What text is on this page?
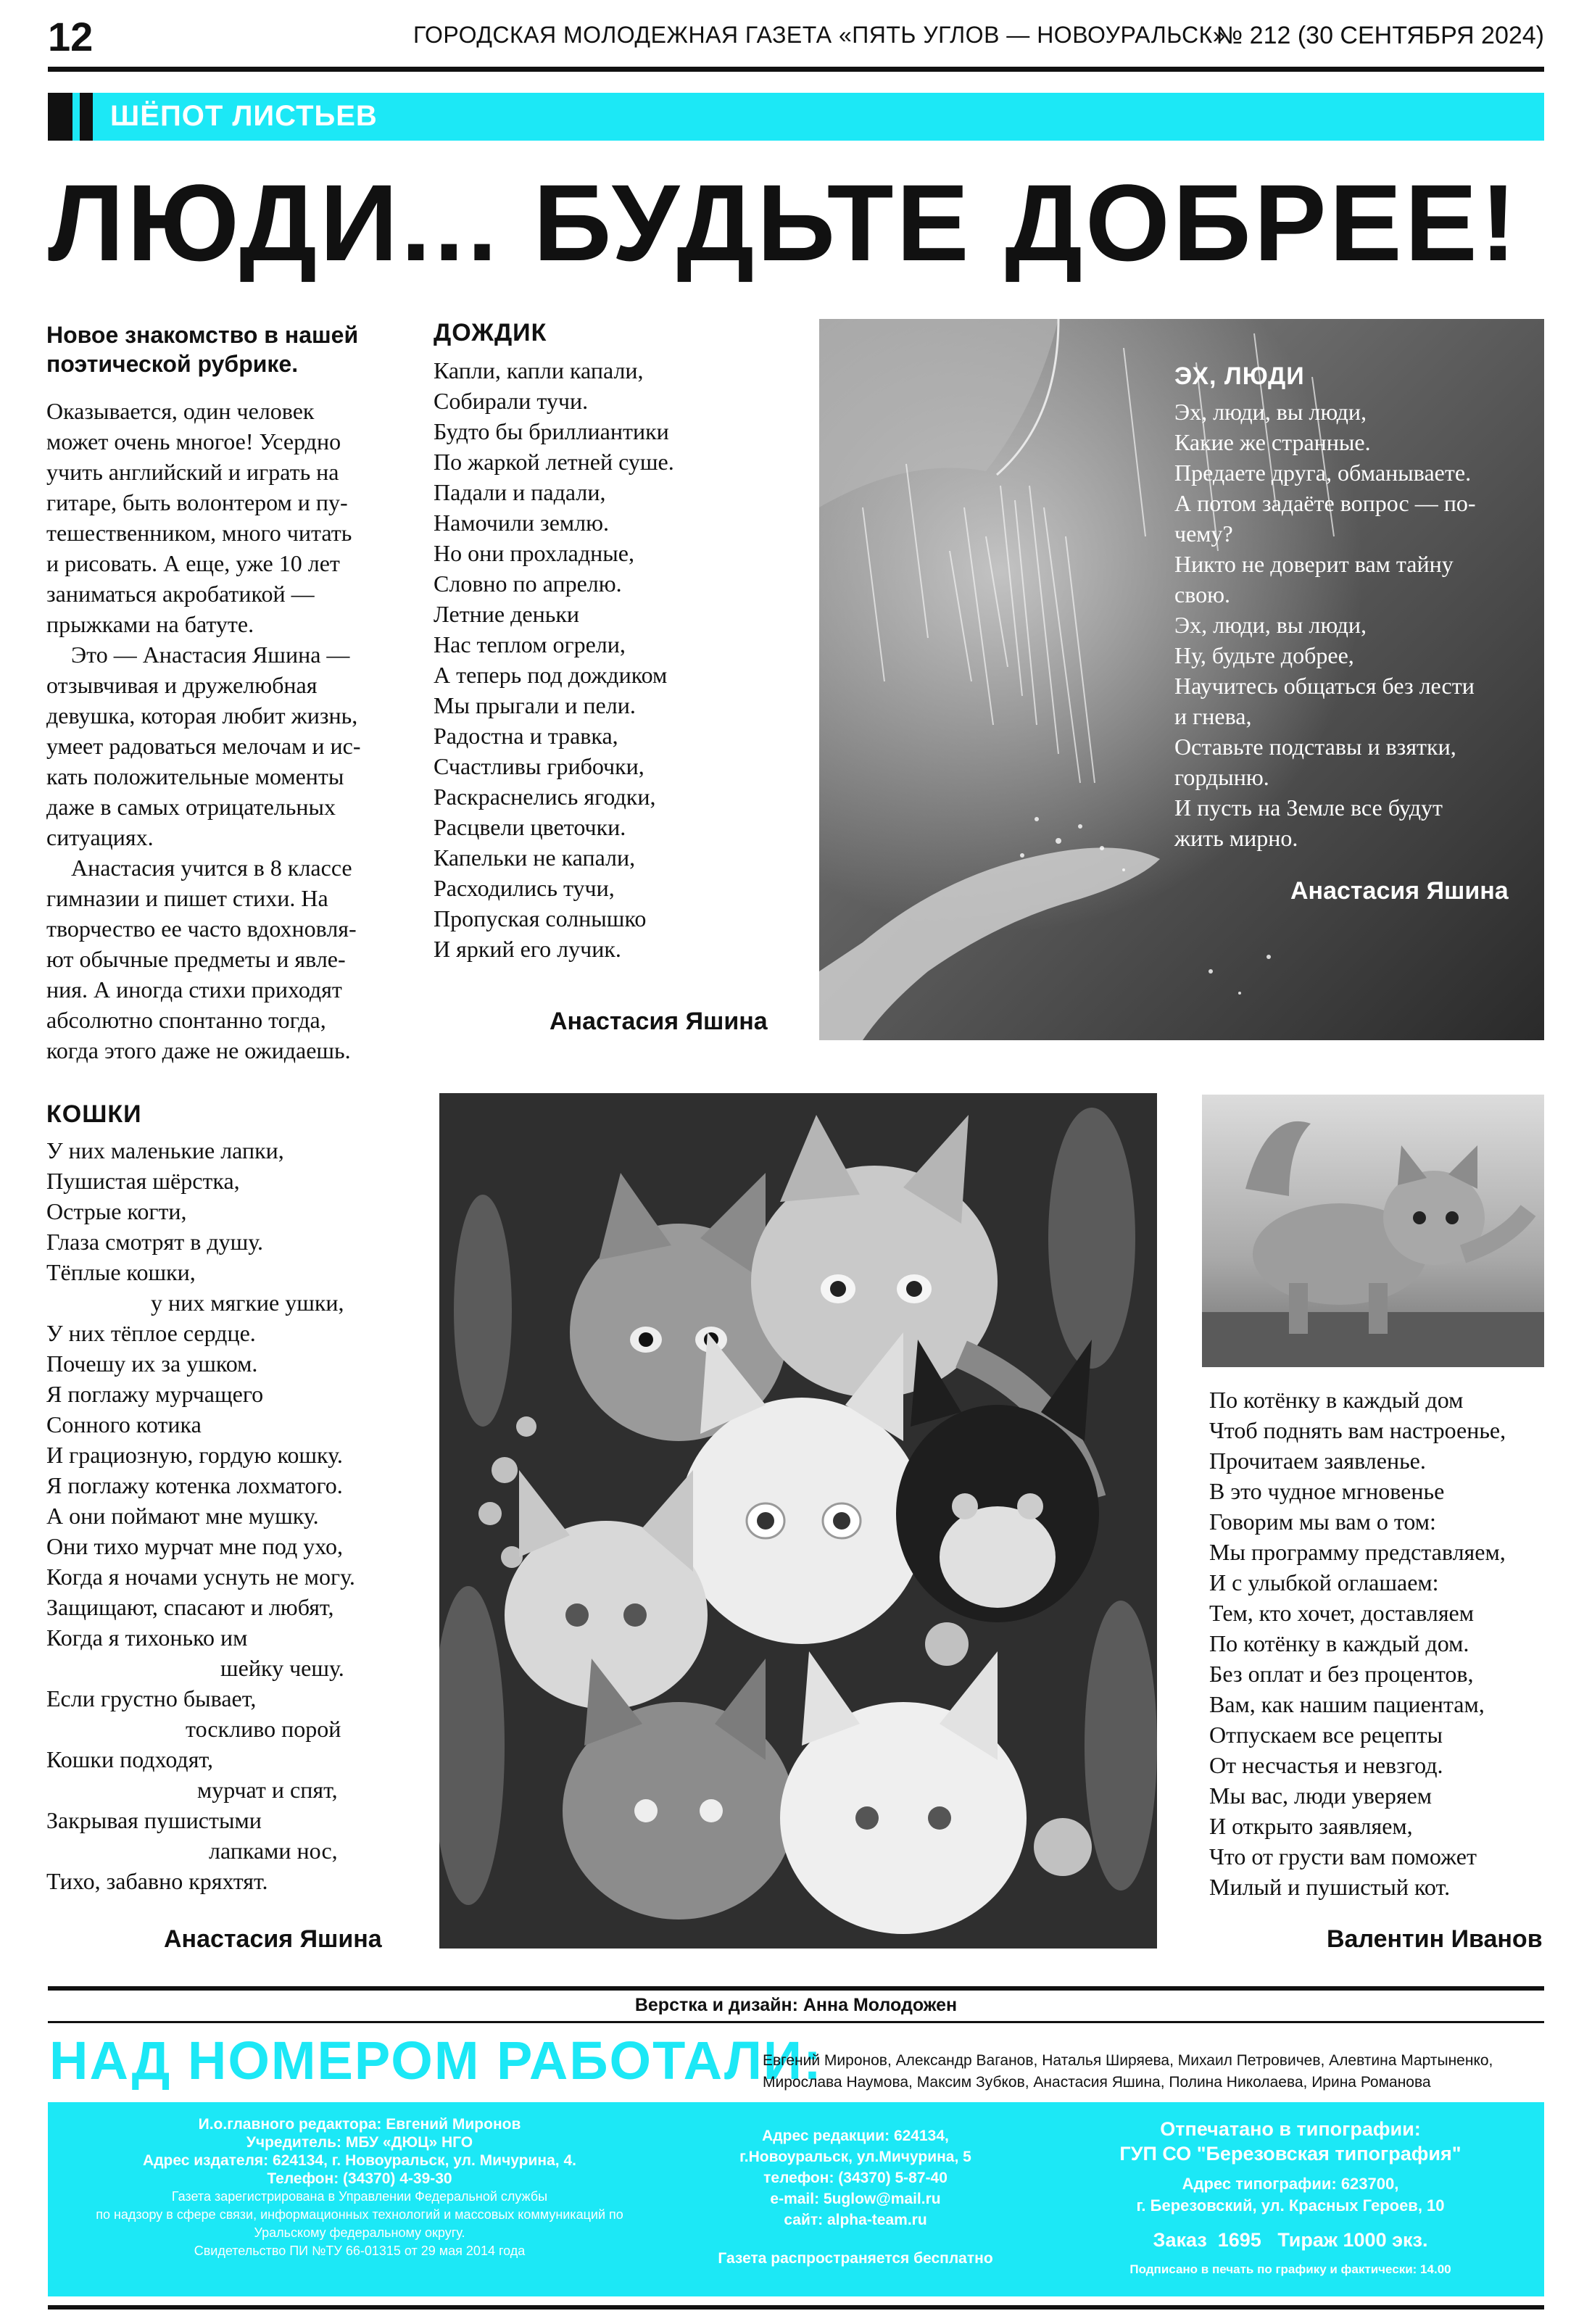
12	ГОРОДСКАЯ МОЛОДЕЖНАЯ ГАЗЕТА «ПЯТЬ УГЛОВ — НОВОУРАЛЬСК»
№ 212 (30 СЕНТЯБРЯ 2024)
ШЁПОТ ЛИСТЬЕВ
ЛЮДИ... БУДЬТЕ ДОБРЕЕ!
Новое знакомство в нашей
поэтической рубрике.
Оказывается, один человек
может очень многое! Усердно
учить английский и играть на
гитаре, быть волонтером и пу-
тешественником, много читать
и рисовать. А еще, уже 10 лет
заниматься акробатикой —
прыжками на батуте.
Это — Анастасия Яшина —
отзывчивая и дружелюбная
девушка, которая любит жизнь,
умеет радоваться мелочам и ис-
кать положительные моменты
даже в самых отрицательных
ситуациях.
Анастасия учится в 8 классе
гимназии и пишет стихи. На
творчество ее часто вдохновля-
ют обычные предметы и явле-
ния. А иногда стихи приходят
абсолютно спонтанно тогда,
когда этого даже не ожидаешь.
ДОЖДИК
Капли, капли капали,
Собирали тучи.
Будто бы бриллиантики
По жаркой летней суше.
Падали и падали,
Намочили землю.
Но они прохладные,
Словно по апрелю.
Летние деньки
Нас теплом огрели,
А теперь под дождиком
Мы прыгали и пели.
Радостна и травка,
Счастливы грибочки,
Раскраснелись ягодки,
Расцвели цветочки.
Капельки не капали,
Расходились тучи,
Пропуская солнышко
И яркий его лучик.
Анастасия Яшина
ЭХ, ЛЮДИ
Эх, люди, вы люди,
Какие же странные.
Предаете друга, обманываете.
А потом задаёте вопрос — по-
чему?
Никто не доверит вам тайну
свою.
Эх, люди, вы люди,
Ну, будьте добрее,
Научитесь общаться без лести
и гнева,
Оставьте подставы и взятки,
гордыню.
И пусть на Земле все будут
жить мирно.
Анастасия Яшина
КОШКИ
У них маленькие лапки,
Пушистая шёрстка,
Острые когти,
Глаза смотрят в душу.
Тёплые кошки,
у них мягкие ушки,
У них тёплое сердце.
Почешу их за ушком.
Я поглажу мурчащего
Сонного котика
И грациозную, гордую кошку.
Я поглажу котенка лохматого.
А они поймают мне мушку.
Они тихо мурчат мне под ухо,
Когда я ночами уснуть не могу.
Защищают, спасают и любят,
Когда я тихонько им
шейку чешу.
Если грустно бывает,
тоскливо порой
Кошки подходят,
мурчат и спят,
Закрывая пушистыми
лапками нос,
Тихо, забавно кряхтят.
Анастасия Яшина
По котёнку в каждый дом
Чтоб поднять вам настроенье,
Прочитаем заявленье.
В это чудное мгновенье
Говорим мы вам о том:
Мы программу представляем,
И с улыбкой оглашаем:
Тем, кто хочет, доставляем
По котёнку в каждый дом.
Без оплат и без процентов,
Вам, как нашим пациентам,
Отпускаем все рецепты
От несчастья и невзгод.
Мы вас, люди уверяем
И открыто заявляем,
Что от грусти вам поможет
Милый и пушистый кот.
Валентин Иванов
Верстка и дизайн: Анна Молодожен
НАД НОМЕРОМ РАБОТАЛИ:
Евгений Миронов, Александр Ваганов, Наталья Ширяева, Михаил Петровичев, Алевтина Мартыненко,
Мирослава Наумова, Максим Зубков, Анастасия Яшина, Полина Николаева, Ирина Романова
И.о.главного редактора: Евгений Миронов
Учредитель: МБУ «ДЮЦ» НГО
Адрес издателя: 624134, г. Новоуральск, ул. Мичурина, 4.
Телефон: (34370) 4-39-30
Газета зарегистрирована в Управлении Федеральной службы
по надзору в сфере связи, информационных технологий и массовых коммуникаций по
Уральскому федеральному округу.
Свидетельство ПИ №ТУ 66-01315 от 29 мая 2014 года
Адрес редакции: 624134,
г.Новоуральск, ул.Мичурина, 5
телефон: (34370) 5-87-40
e-mail: 5uglow@mail.ru
сайт: alpha-team.ru
Газета распространяется бесплатно
Отпечатано в типографии:
ГУП СО "Березовская типография"
Адрес типографии: 623700,
г. Березовский, ул. Красных Героев, 10
Заказ  1695   Тираж 1000 экз.
Подписано в печать по графику и фактически: 14.00
